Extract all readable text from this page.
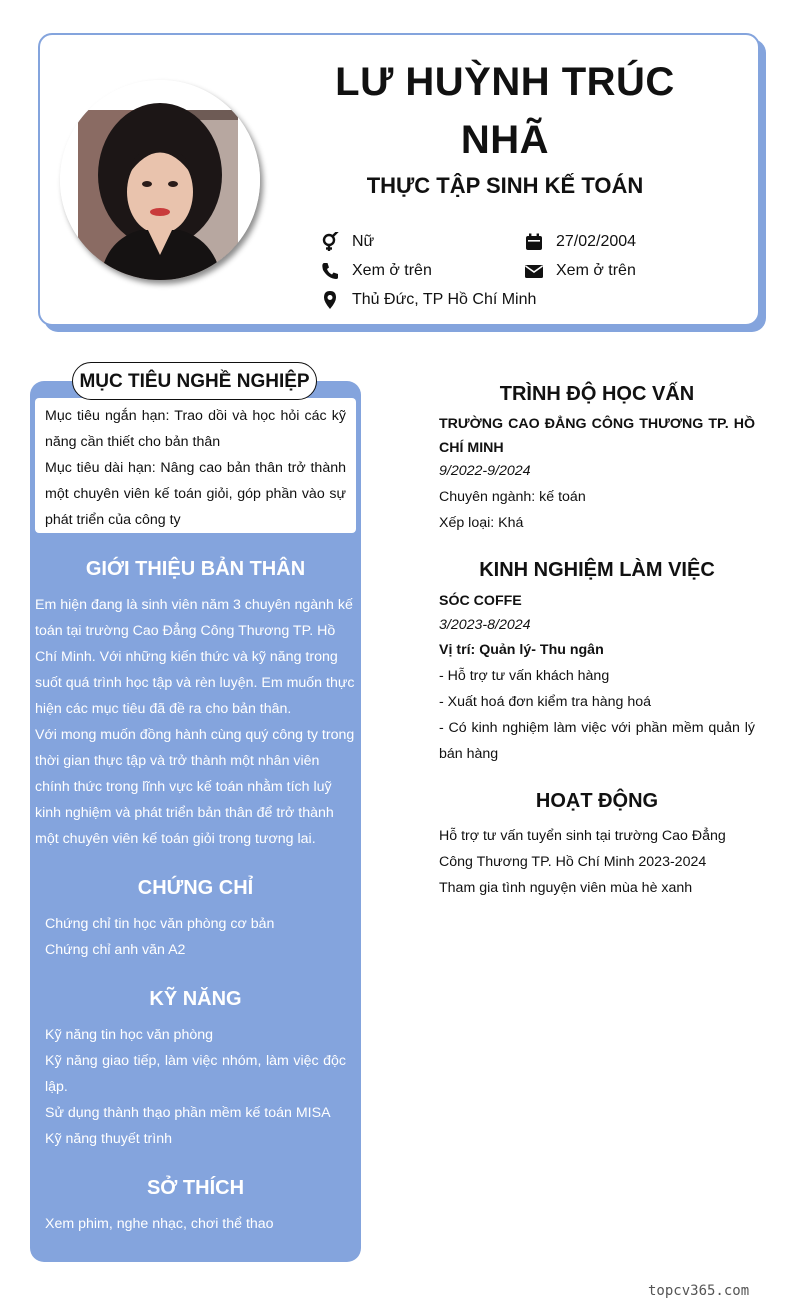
LƯ HUỲNH TRÚC NHÃ
THỰC TẬP SINH KẾ TOÁN
Nữ	27/02/2004
Xem ở trên	Xem ở trên
Thủ Đức, TP Hồ Chí Minh
MỤC TIÊU NGHỀ NGHIỆP

Mục tiêu ngắn hạn: Trao dồi và học hỏi các kỹ năng cần thiết cho bản thân

Mục tiêu dài hạn: Nâng cao bản thân trở thành một chuyên viên kế toán giỏi, góp phần vào sự phát triển của công ty

GIỚI THIỆU BẢN THÂN

Em hiện đang là sinh viên năm 3 chuyên ngành kế toán tại trường Cao Đẳng Công Thương TP. Hồ Chí Minh. Với những kiến thức và kỹ năng trong suốt quá trình học tập và rèn luyện. Em muốn thực hiện các mục tiêu đã đề ra cho bản thân.

Với mong muốn đồng hành cùng quý công ty trong thời gian thực tập và trở thành một nhân viên chính thức trong lĩnh vực kế toán nhằm tích luỹ kinh nghiệm và phát triển bản thân để trở thành một chuyên viên kế toán giỏi trong tương lai.

CHỨNG CHỈ

Chứng chỉ tin học văn phòng cơ bản

Chứng chỉ anh văn A2

KỸ NĂNG

Kỹ năng tin học văn phòng

Kỹ năng giao tiếp, làm việc nhóm, làm việc độc lập.

Sử dụng thành thạo phần mềm kế toán MISA

Kỹ năng thuyết trình

SỞ THÍCH
Xem phim, nghe nhạc, chơi thể thao
TRÌNH ĐỘ HỌC VẤN

TRƯỜNG CAO ĐẲNG CÔNG THƯƠNG TP. HỒ CHÍ MINH

9/2022-9/2024

Chuyên ngành: kế toán

Xếp loại: Khá

KINH NGHIỆM LÀM VIỆC

SÓC COFFE

3/2023-8/2024

Vị trí: Quản lý- Thu ngân

- Hỗ trợ tư vấn khách hàng

- Xuất hoá đơn kiểm tra hàng hoá

- Có kinh nghiệm làm việc với phần mềm quản lý bán hàng

HOẠT ĐỘNG

Hỗ trợ tư vấn tuyển sinh tại trường Cao Đẳng Công Thương TP. Hồ Chí Minh 2023-2024

Tham gia tình nguyện viên mùa hè xanh

topcv365.com
